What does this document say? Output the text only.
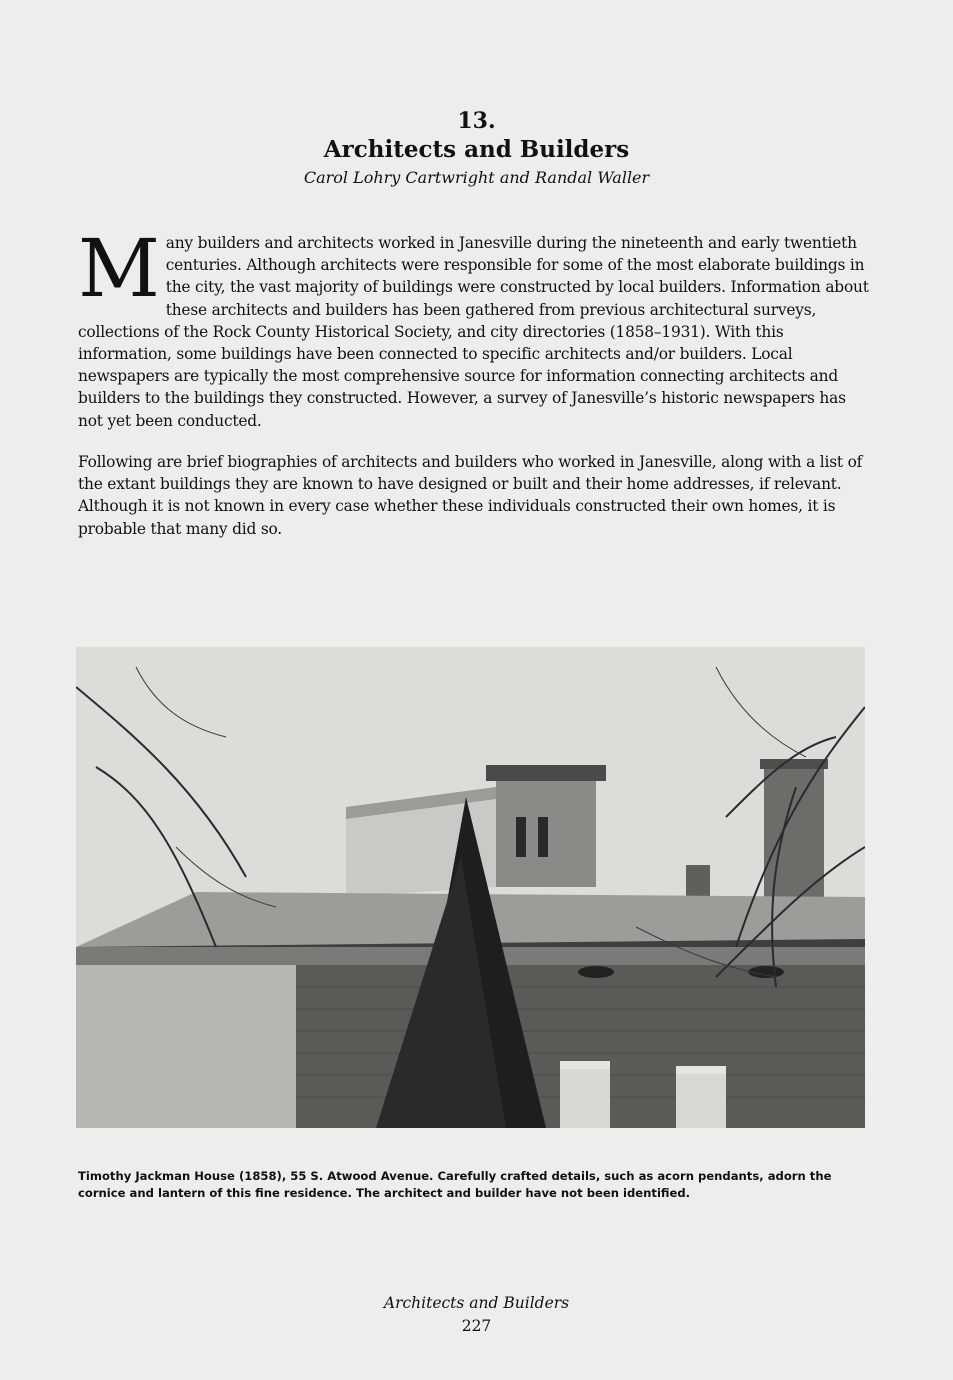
13.
Architects and Builders
Carol Lohry Cartwright and Randal Waller
Many builders and architects worked in Janesville during the nineteenth and early twentieth centuries. Although architects were responsible for some of the most elaborate buildings in the city, the vast majority of buildings were constructed by local builders. Information about these architects and builders has been gathered from previous architectural surveys, collections of the Rock County Historical Society, and city directories (1858–1931). With this information, some buildings have been connected to specific architects and/or builders. Local newspapers are typically the most comprehensive source for information connecting architects and builders to the buildings they constructed. However, a survey of Janesville’s historic newspapers has not yet been conducted.
Following are brief biographies of architects and builders who worked in Janesville, along with a list of the extant buildings they are known to have designed or built and their home addresses, if relevant. Although it is not known in every case whether these individuals constructed their own homes, it is probable that many did so.
Timothy Jackman House (1858), 55 S. Atwood Avenue. Carefully crafted details, such as acorn pendants, adorn the cornice and lantern of this fine residence. The architect and builder have not been identified.
Architects and Builders
227
